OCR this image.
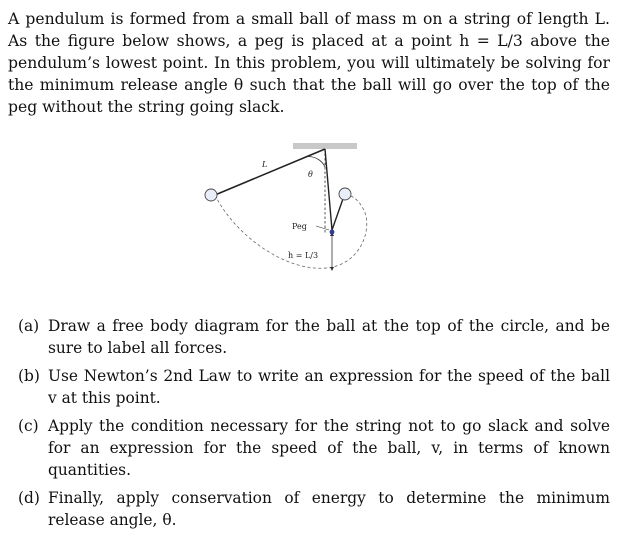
A pendulum is formed from a small ball of mass m on a string of length L. As the figure below shows, a peg is placed at a point h = L/3 above the pendulum’s lowest point. In this problem, you will ultimately be solving for the minimum release angle θ such that the ball will go over the top of the peg without the string going slack.
L
θ
Peg
h = L/3
(a) Draw a free body diagram for the ball at the top of the circle, and be sure to label all forces.
(b) Use Newton’s 2nd Law to write an expression for the speed of the ball v at this point.
(c) Apply the condition necessary for the string not to go slack and solve for an expression for the speed of the ball, v, in terms of known quantities.
(d) Finally, apply conservation of energy to determine the minimum release angle, θ.
